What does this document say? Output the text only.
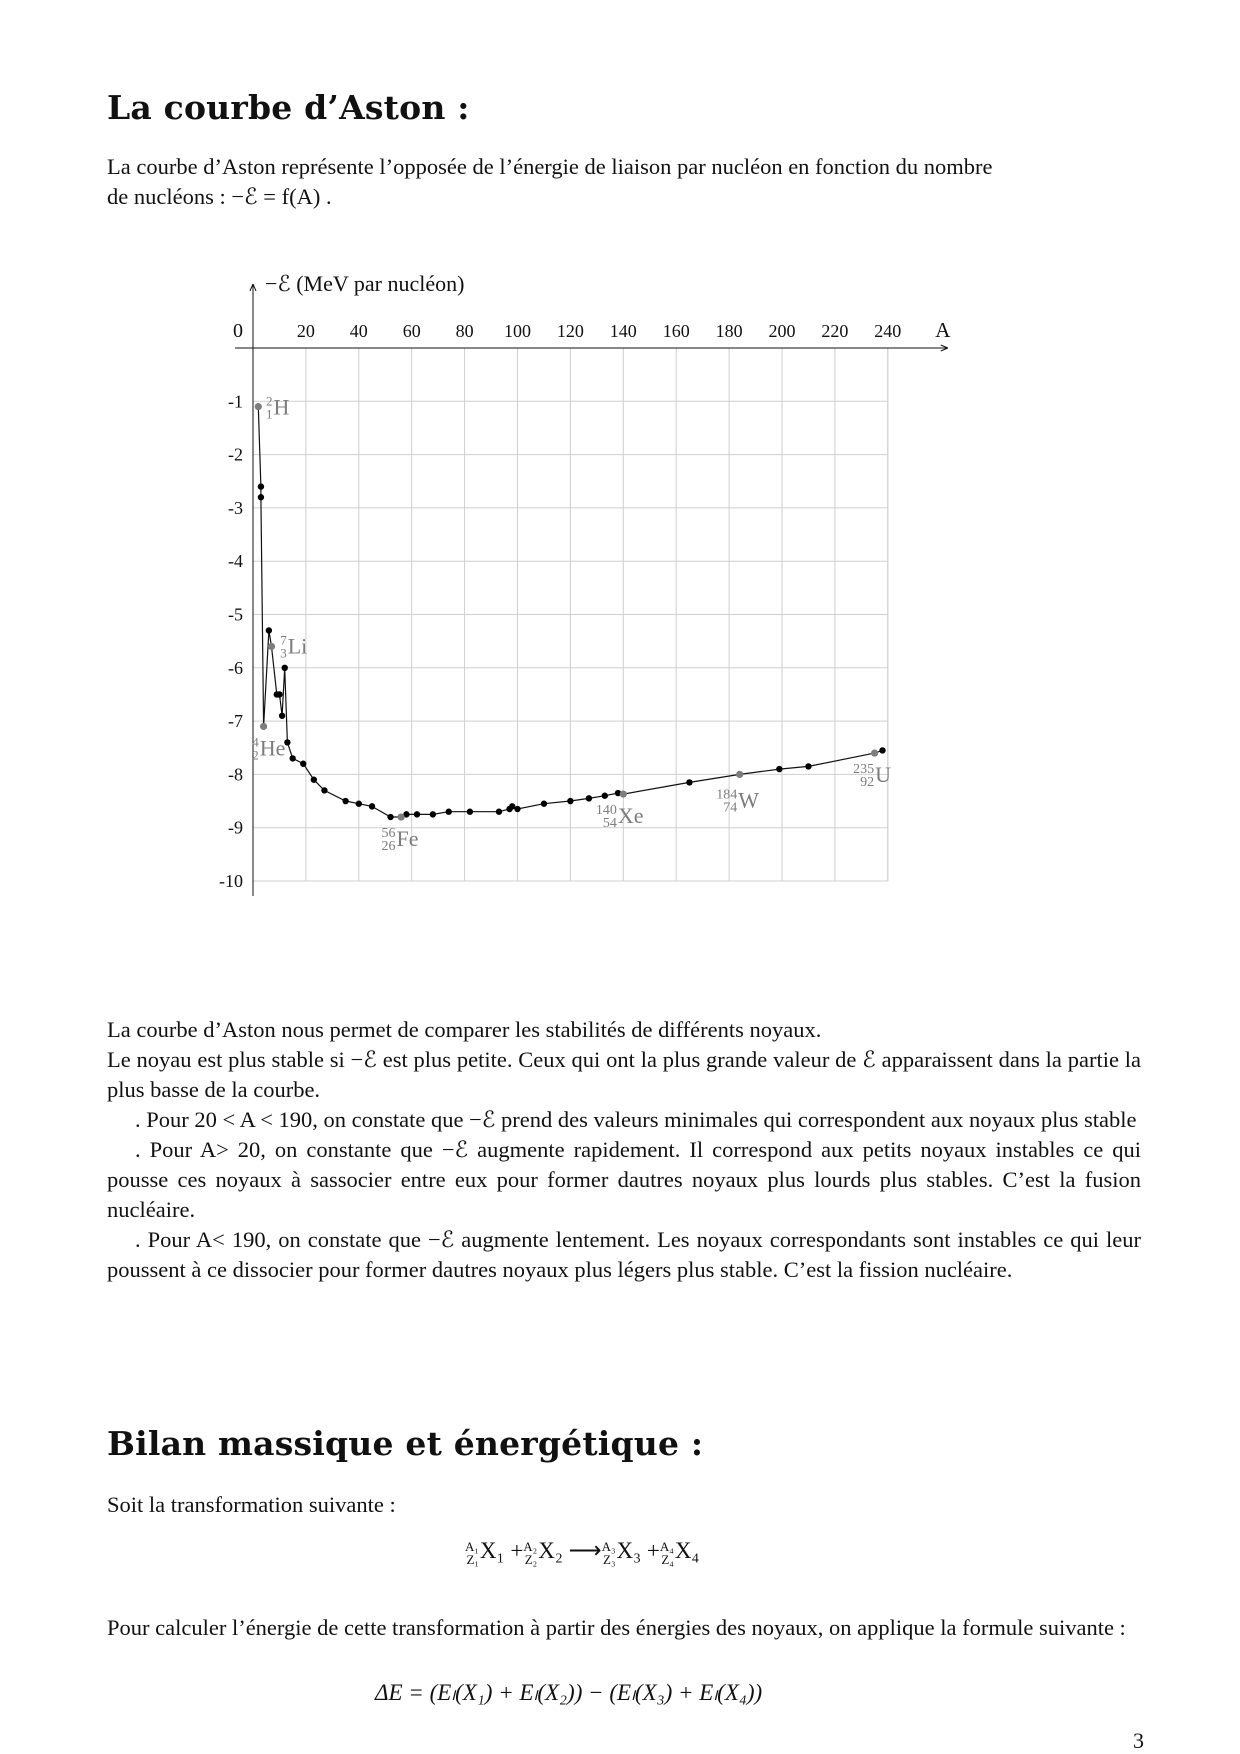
La courbe d’Aston :

La courbe d’Aston représente l’opposée de l’énergie de liaison par nucléon en fonction du nombre

de nucléons : −ℰ = f(A) .

20 40 60 80 100 120 140 160 180 200 220 240
-1
-2
-3
-4
-5
-6
-7
-8
-9
-10
0	A
−ℰ (MeV par nucléon)
2
1 H
7
3 Li
4
2 He
56
26 Fe
140
54 Xe
184
74 W
235
92 U

La courbe d’Aston nous permet de comparer les stabilités de différents noyaux.

Le noyau est plus stable si −ℰ est plus petite. Ceux qui ont la plus grande valeur de ℰ apparaissent dans la partie la plus basse de la courbe.

. Pour 20 < A < 190, on constate que −ℰ prend des valeurs minimales qui correspondent aux noyaux plus stable

. Pour A> 20, on constante que −ℰ augmente rapidement. Il correspond aux petits noyaux instables ce qui pousse ces noyaux à sassocier entre eux pour former dautres noyaux plus lourds plus stables. C’est la fusion nucléaire.

. Pour A< 190, on constate que −ℰ augmente lentement. Les noyaux correspondants sont instables ce qui leur poussent à ce dissocier pour former dautres noyaux plus légers plus stable. C’est la fission nucléaire.

Bilan massique et énergétique :

Soit la transformation suivante :

A₁
Z₁ X₁ + A₂
Z₂ X₂ ⟶ A₃
Z₃ X₃ + A₄
Z₄ X₄

Pour calculer l’énergie de cette transformation à partir des énergies des noyaux, on applique la formule suivante :

ΔE = (Eₗ(X₁) + Eₗ(X₂)) − (Eₗ(X₃) + Eₗ(X₄))
3
